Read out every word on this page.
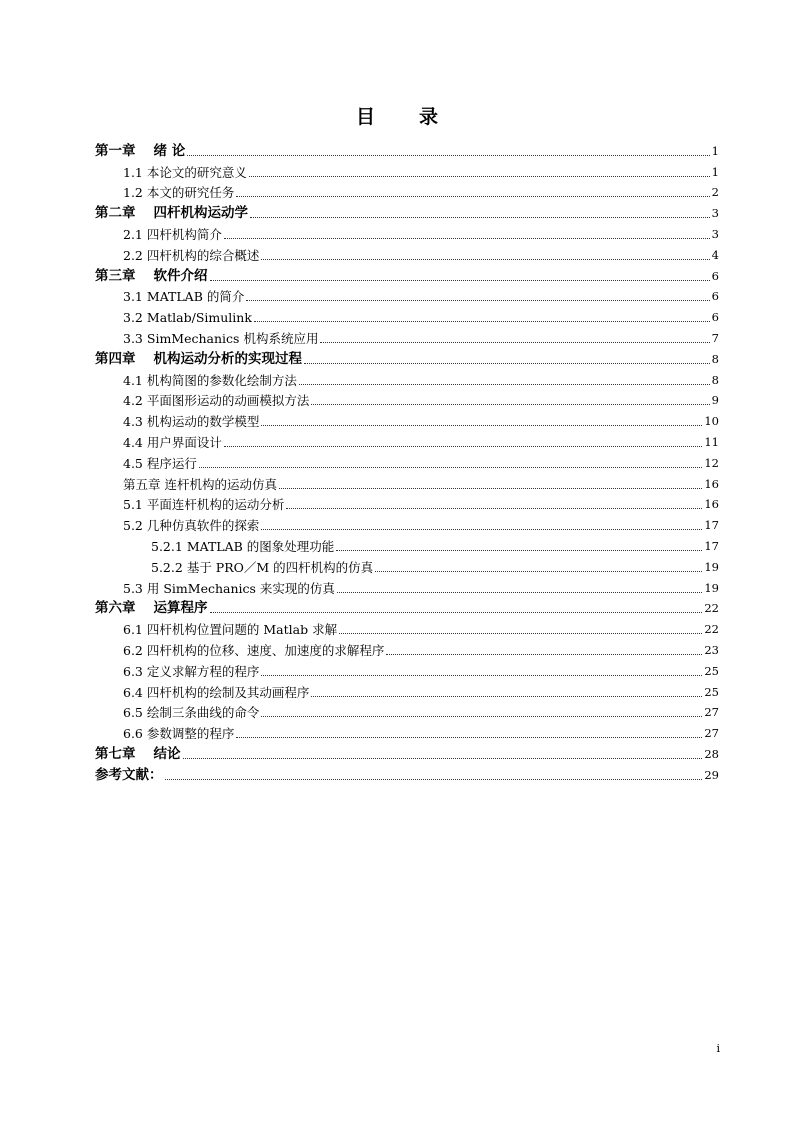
目录
第一章 绪 论	1
1.1 本论文的研究意义	1
1.2 本文的研究任务	2
第二章 四杆机构运动学	3
2.1 四杆机构简介	3
2.2 四杆机构的综合概述	4
第三章 软件介绍	6
3.1 MATLAB 的简介	6
3.2 Matlab/Simulink	6
3.3 SimMechanics 机构系统应用	7
第四章 机构运动分析的实现过程	8
4.1 机构简图的参数化绘制方法	8
4.2 平面图形运动的动画模拟方法	9
4.3 机构运动的数学模型	10
4.4 用户界面设计	11
4.5 程序运行	12
第五章 连杆机构的运动仿真	16
5.1 平面连杆机构的运动分析	16
5.2 几种仿真软件的探索	17
5.2.1 MATLAB 的图象处理功能	17
5.2.2 基于 PRO／M 的四杆机构的仿真	19
5.3 用 SimMechanics 来实现的仿真	19
第六章 运算程序	22
6.1 四杆机构位置问题的 Matlab 求解	22
6.2 四杆机构的位移、速度、加速度的求解程序	23
6.3 定义求解方程的程序	25
6.4 四杆机构的绘制及其动画程序	25
6.5 绘制三条曲线的命令	27
6.6 参数调整的程序	27
第七章 结论	28
参考文献：	29
i
